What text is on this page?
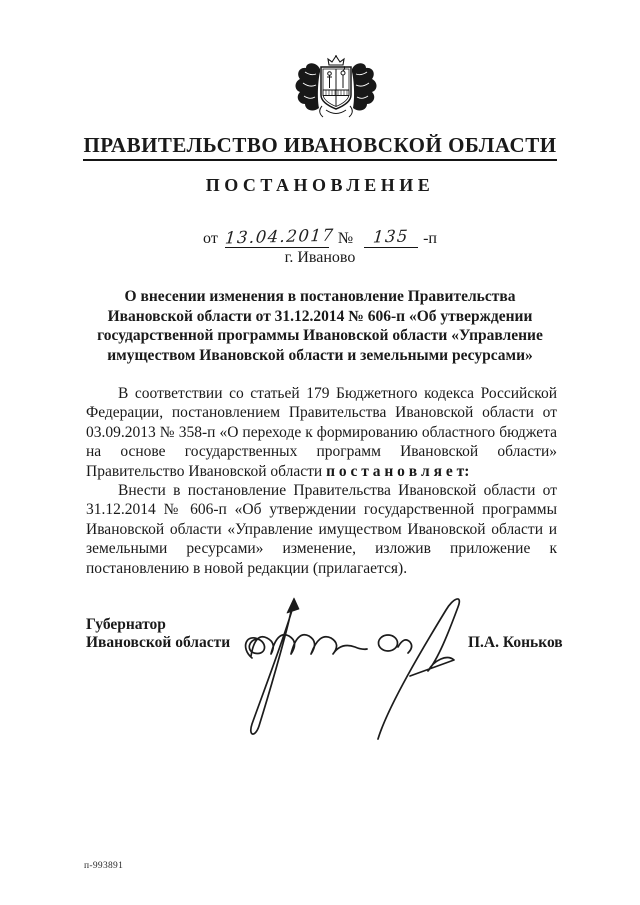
ПРАВИТЕЛЬСТВО ИВАНОВСКОЙ ОБЛАСТИ
ПОСТАНОВЛЕНИЕ
от 13.04.2017 № 135 -п
г. Иваново
О внесении изменения в постановление Правительства Ивановской области от 31.12.2014 № 606-п «Об утверждении государственной программы Ивановской области «Управление имуществом Ивановской области и земельными ресурсами»

В соответствии со статьей 179 Бюджетного кодекса Российской Федерации, постановлением Правительства Ивановской области от 03.09.2013 № 358-п «О переходе к формированию областного бюджета на основе государственных программ Ивановской области» Правительство Ивановской области п о с т а н о в л я е т:

Внести в постановление Правительства Ивановской области от 31.12.2014 № 606-п «Об утверждении государственной программы Ивановской области «Управление имуществом Ивановской области и земельными ресурсами» изменение, изложив приложение к постановлению в новой редакции (прилагается).

Губернатор
Ивановской области	П.А. Коньков
п-993891
